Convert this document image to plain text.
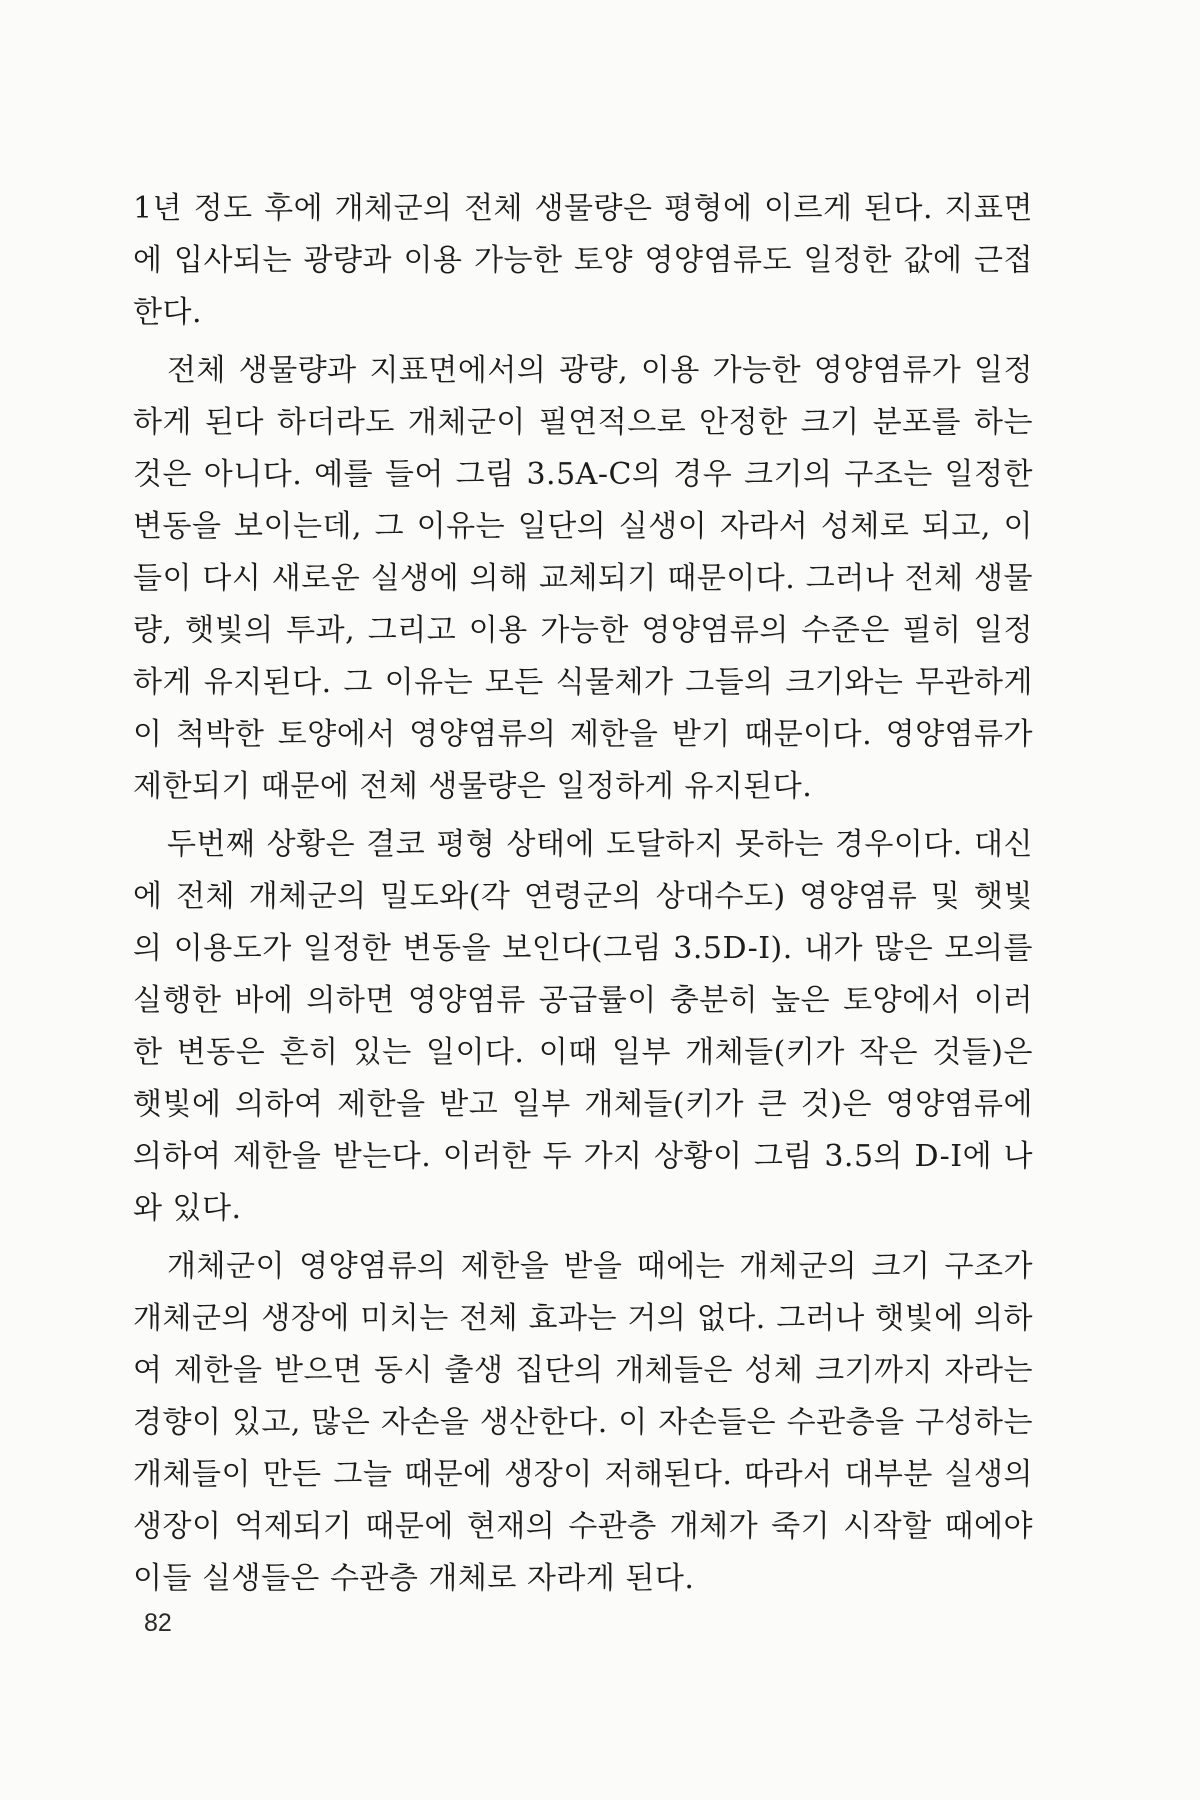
1년 정도 후에 개체군의 전체 생물량은 평형에 이르게 된다. 지표면에 입사되는 광량과 이용 가능한 토양 영양염류도 일정한 값에 근접한다.

전체 생물량과 지표면에서의 광량, 이용 가능한 영양염류가 일정하게 된다 하더라도 개체군이 필연적으로 안정한 크기 분포를 하는 것은 아니다. 예를 들어 그림 3.5A-C의 경우 크기의 구조는 일정한 변동을 보이는데, 그 이유는 일단의 실생이 자라서 성체로 되고, 이들이 다시 새로운 실생에 의해 교체되기 때문이다. 그러나 전체 생물량, 햇빛의 투과, 그리고 이용 가능한 영양염류의 수준은 필히 일정하게 유지된다. 그 이유는 모든 식물체가 그들의 크기와는 무관하게 이 척박한 토양에서 영양염류의 제한을 받기 때문이다. 영양염류가 제한되기 때문에 전체 생물량은 일정하게 유지된다.

두번째 상황은 결코 평형 상태에 도달하지 못하는 경우이다. 대신에 전체 개체군의 밀도와(각 연령군의 상대수도) 영양염류 및 햇빛의 이용도가 일정한 변동을 보인다(그림 3.5D-I). 내가 많은 모의를 실행한 바에 의하면 영양염류 공급률이 충분히 높은 토양에서 이러한 변동은 흔히 있는 일이다. 이때 일부 개체들(키가 작은 것들)은 햇빛에 의하여 제한을 받고 일부 개체들(키가 큰 것)은 영양염류에 의하여 제한을 받는다. 이러한 두 가지 상황이 그림 3.5의 D-I에 나와 있다.

개체군이 영양염류의 제한을 받을 때에는 개체군의 크기 구조가 개체군의 생장에 미치는 전체 효과는 거의 없다. 그러나 햇빛에 의하여 제한을 받으면 동시 출생 집단의 개체들은 성체 크기까지 자라는 경향이 있고, 많은 자손을 생산한다. 이 자손들은 수관층을 구성하는 개체들이 만든 그늘 때문에 생장이 저해된다. 따라서 대부분 실생의 생장이 억제되기 때문에 현재의 수관층 개체가 죽기 시작할 때에야 이들 실생들은 수관층 개체로 자라게 된다.

82
